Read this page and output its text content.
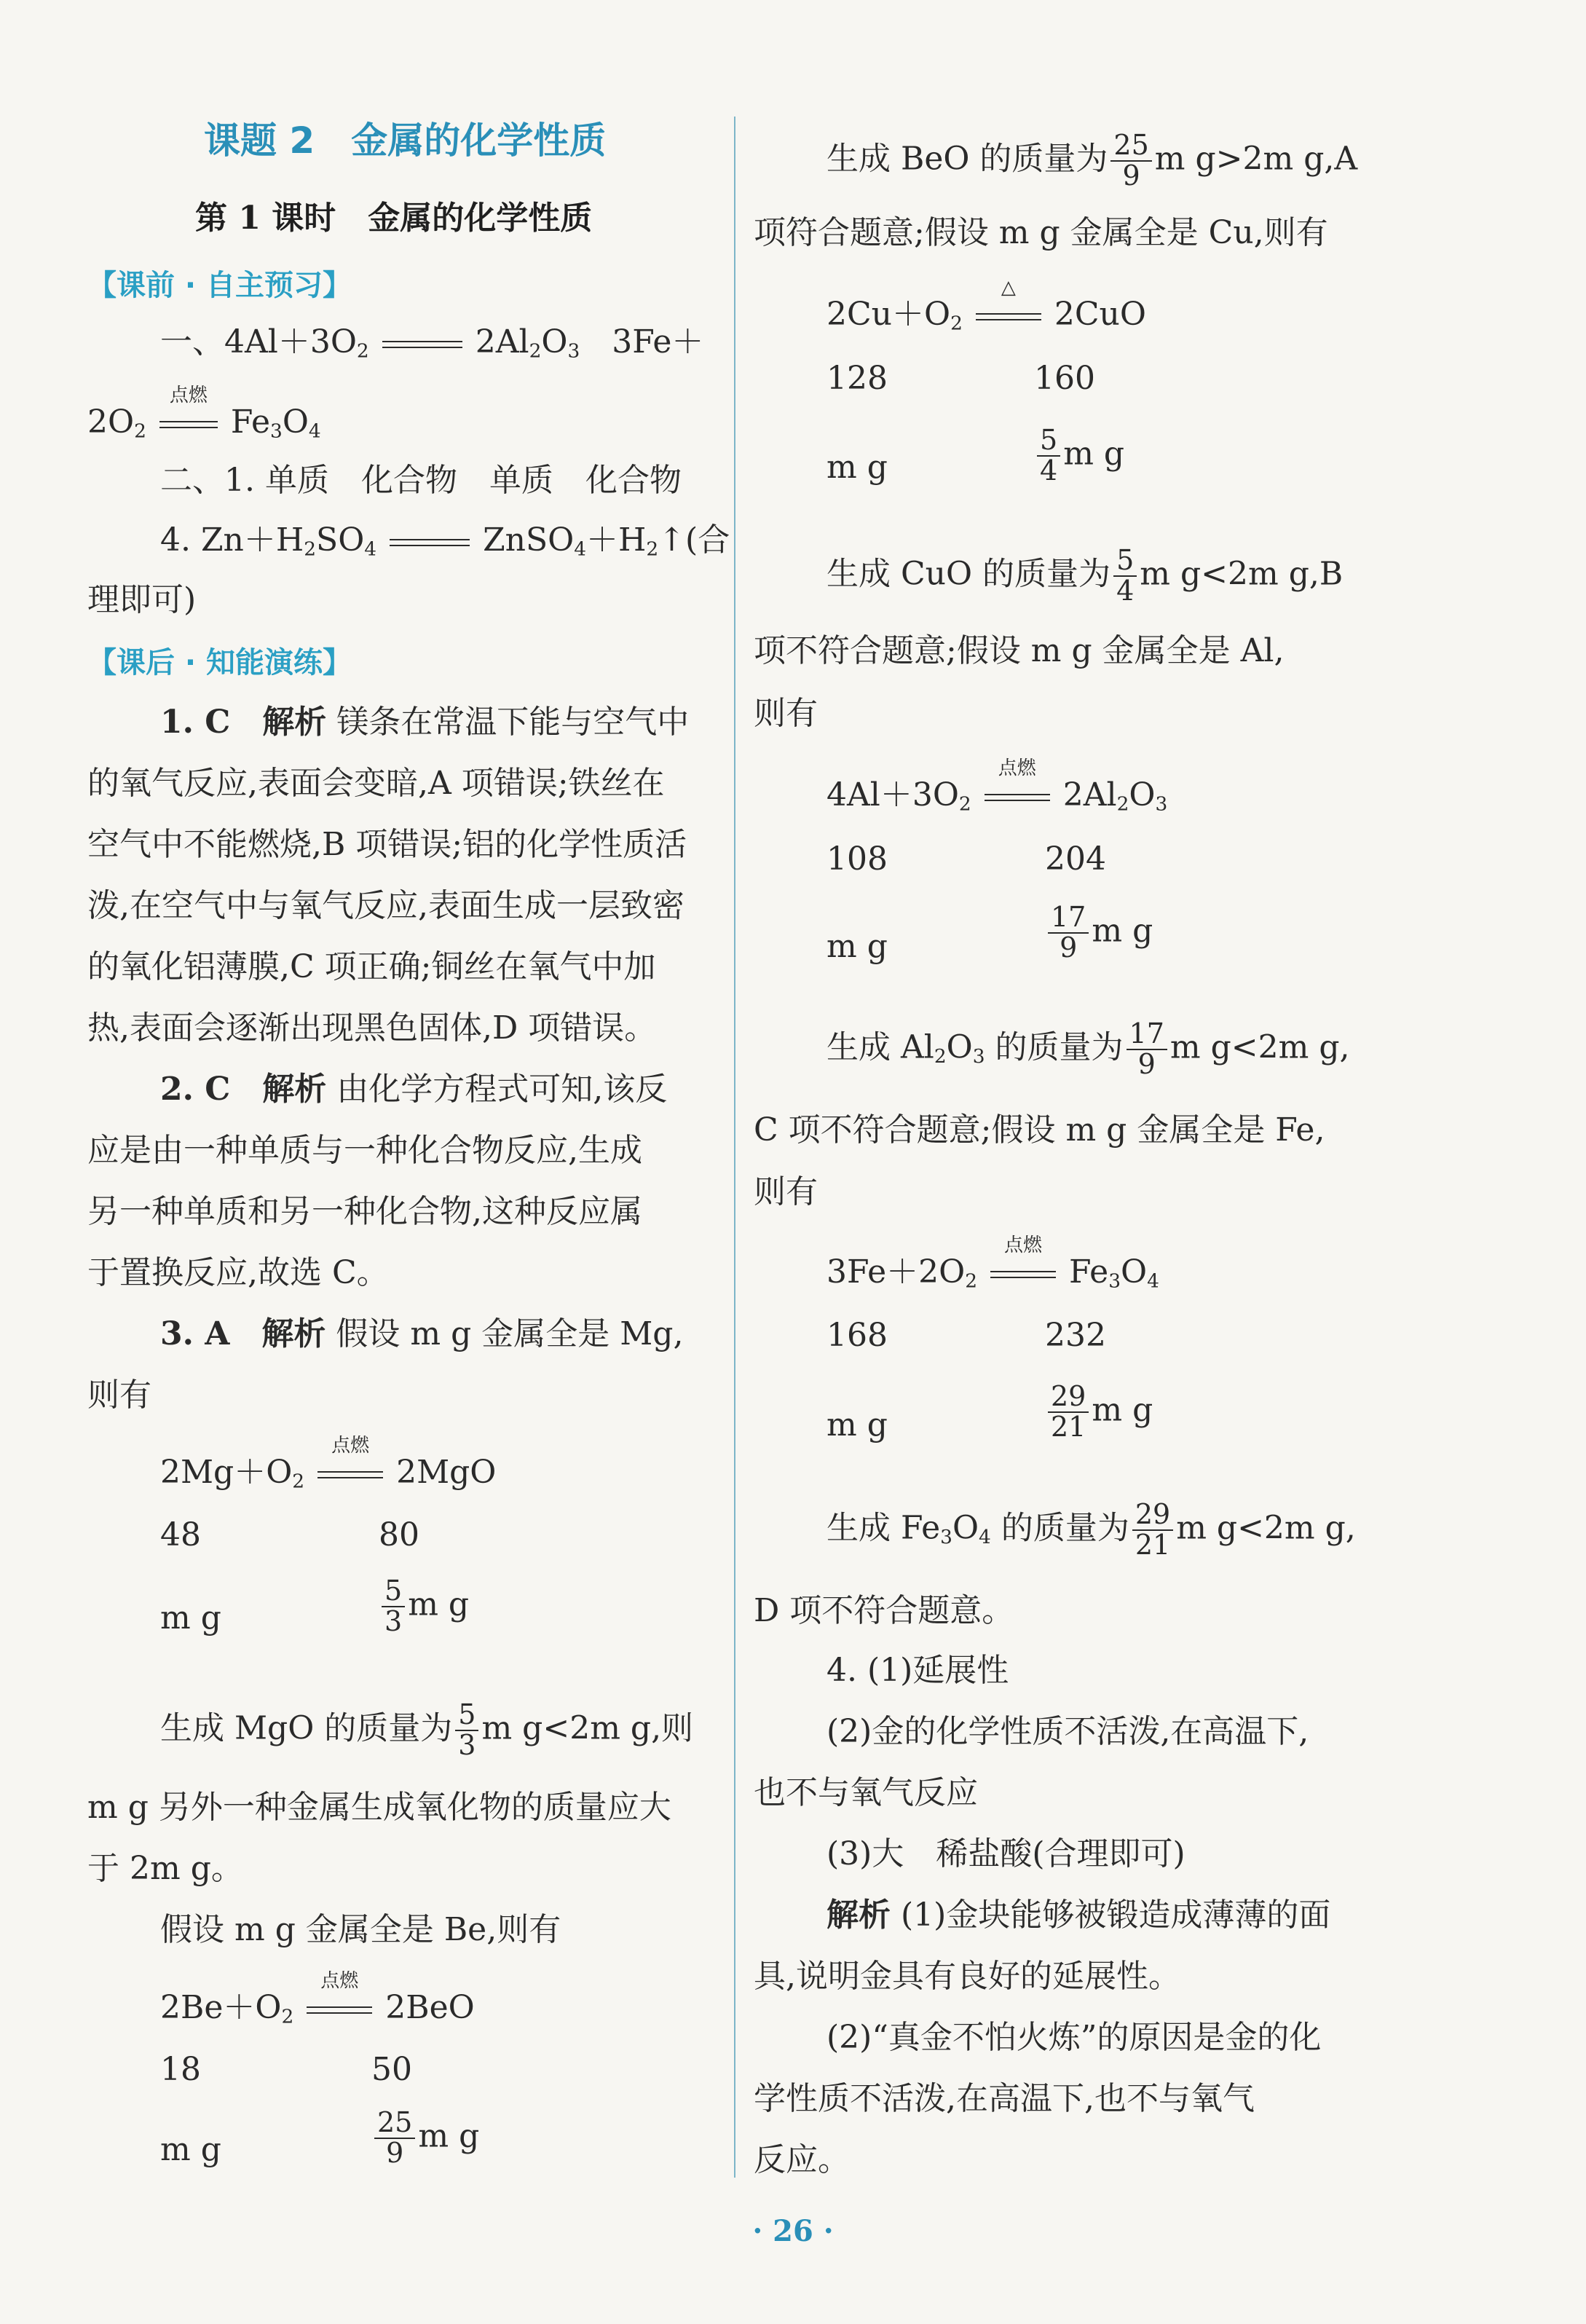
课题 2　金属的化学性质
第 1 课时　金属的化学性质
【课前 · 自主预习】
一、$4Al+3O_2$	$2Al_2O_3$　 3Fe＋
$2O_2$
点燃
$Fe_3O_4$
二、1. 单质　化合物　单质　化合物
4. $Zn+H_2SO_4$	$ZnSO_4+H_2↑$(合
理即可)
【课后 · 知能演练】
1. C　 解析 镁条在常温下能与空气中
的氧气反应,表面会变暗,A 项错误;铁丝在
空气中不能燃烧,B 项错误;铝的化学性质活
泼,在空气中与氧气反应,表面生成一层致密
的氧化铝薄膜,C 项正确;铜丝在氧气中加
热,表面会逐渐出现黑色固体,D 项错误。
2. C　 解析 由化学方程式可知,该反
应是由一种单质与一种化合物反应,生成
另一种单质和另一种化合物,这种反应属
于置换反应,故选 C。
3. A　 解析 假设 m g 金属全是 Mg,
则有
$2Mg+O_2$
点燃
2MgO
48	80
m g	$\frac{5}{3}$ m g
生成 MgO 的质量为 $\frac{5}{3}$ m g<2m g,则
m g 另外一种金属生成氧化物的质量应大
于 2m g。
假设 m g 金属全是 Be,则有
$2Be+O_2$
点燃
2BeO
18	50
m g	$\frac{25}{9}$ m g
生成 BeO 的质量为 $\frac{25}{9}$ m g>2m g,A
项符合题意;假设 m g 金属全是 Cu,则有
$2Cu+O_2$
△
2CuO
128	160
m g	$\frac{5}{4}$ m g
生成 CuO 的质量为 $\frac{5}{4}$ m g<2m g,B
项不符合题意;假设 m g 金属全是 Al,
则有
$4Al+3O_2$
点燃
$2Al_2O_3$
108	204
m g	$\frac{17}{9}$ m g
生成 $Al_2O_3$ 的质量为 $\frac{17}{9}$ m g<2m g,
C 项不符合题意;假设 m g 金属全是 Fe,
则有
$3Fe+2O_2$
点燃
$Fe_3O_4$
168	232
m g	$\frac{29}{21}$ m g
生成 $Fe_3O_4$ 的质量为 $\frac{29}{21}$ m g<2m g,
D 项不符合题意。
4. (1)延展性
(2)金的化学性质不活泼,在高温下,
也不与氧气反应
(3)大　稀盐酸(合理即可)
解析 (1)金块能够被锻造成薄薄的面
具,说明金具有良好的延展性。
(2)“真金不怕火炼”的原因是金的化
学性质不活泼,在高温下,也不与氧气
反应。
· 26 ·
